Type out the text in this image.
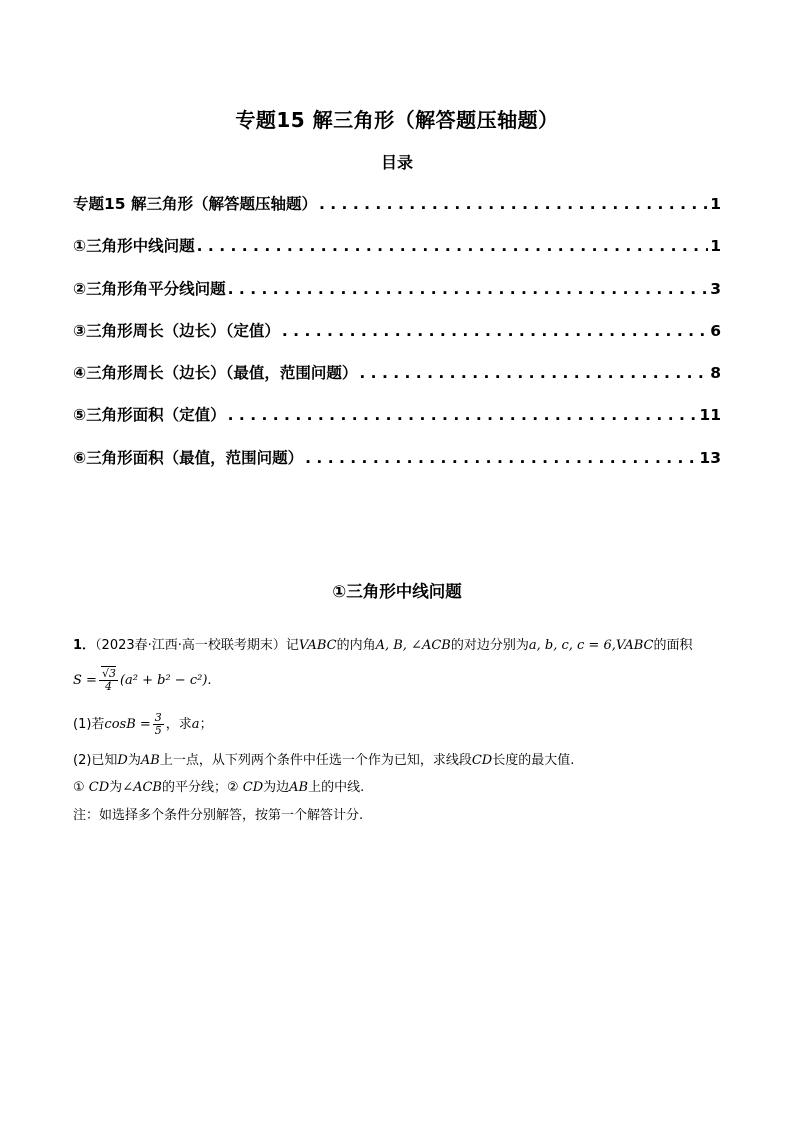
专题15 解三角形（解答题压轴题）
目录
专题15 解三角形（解答题压轴题） . . .	1
①三角形中线问题 . . .	1
②三角形角平分线问题 . . .	3
③三角形周长（边长）（定值） . . .	6
④三角形周长（边长）（最值，范围问题） . . .	8
⑤三角形面积（定值） . . .	11
⑥三角形面积（最值，范围问题） . . .	13
①三角形中线问题
1．（2023春·江西·高一校联考期末）记VABC的内角A, B, ∠ACB的对边分别为a, b, c, c = 6,VABC的面积
$S = \frac{√3}{4} (a^2 + b^2 - c^2)$.
(1)若$\cos B = \frac{3}{5}$ ，求a；
(2)已知D为AB上一点，从下列两个条件中任选一个作为已知，求线段CD长度的最大值.
① CD为∠ACB的平分线；② CD为边AB上的中线.
注：如选择多个条件分别解答，按第一个解答计分.
